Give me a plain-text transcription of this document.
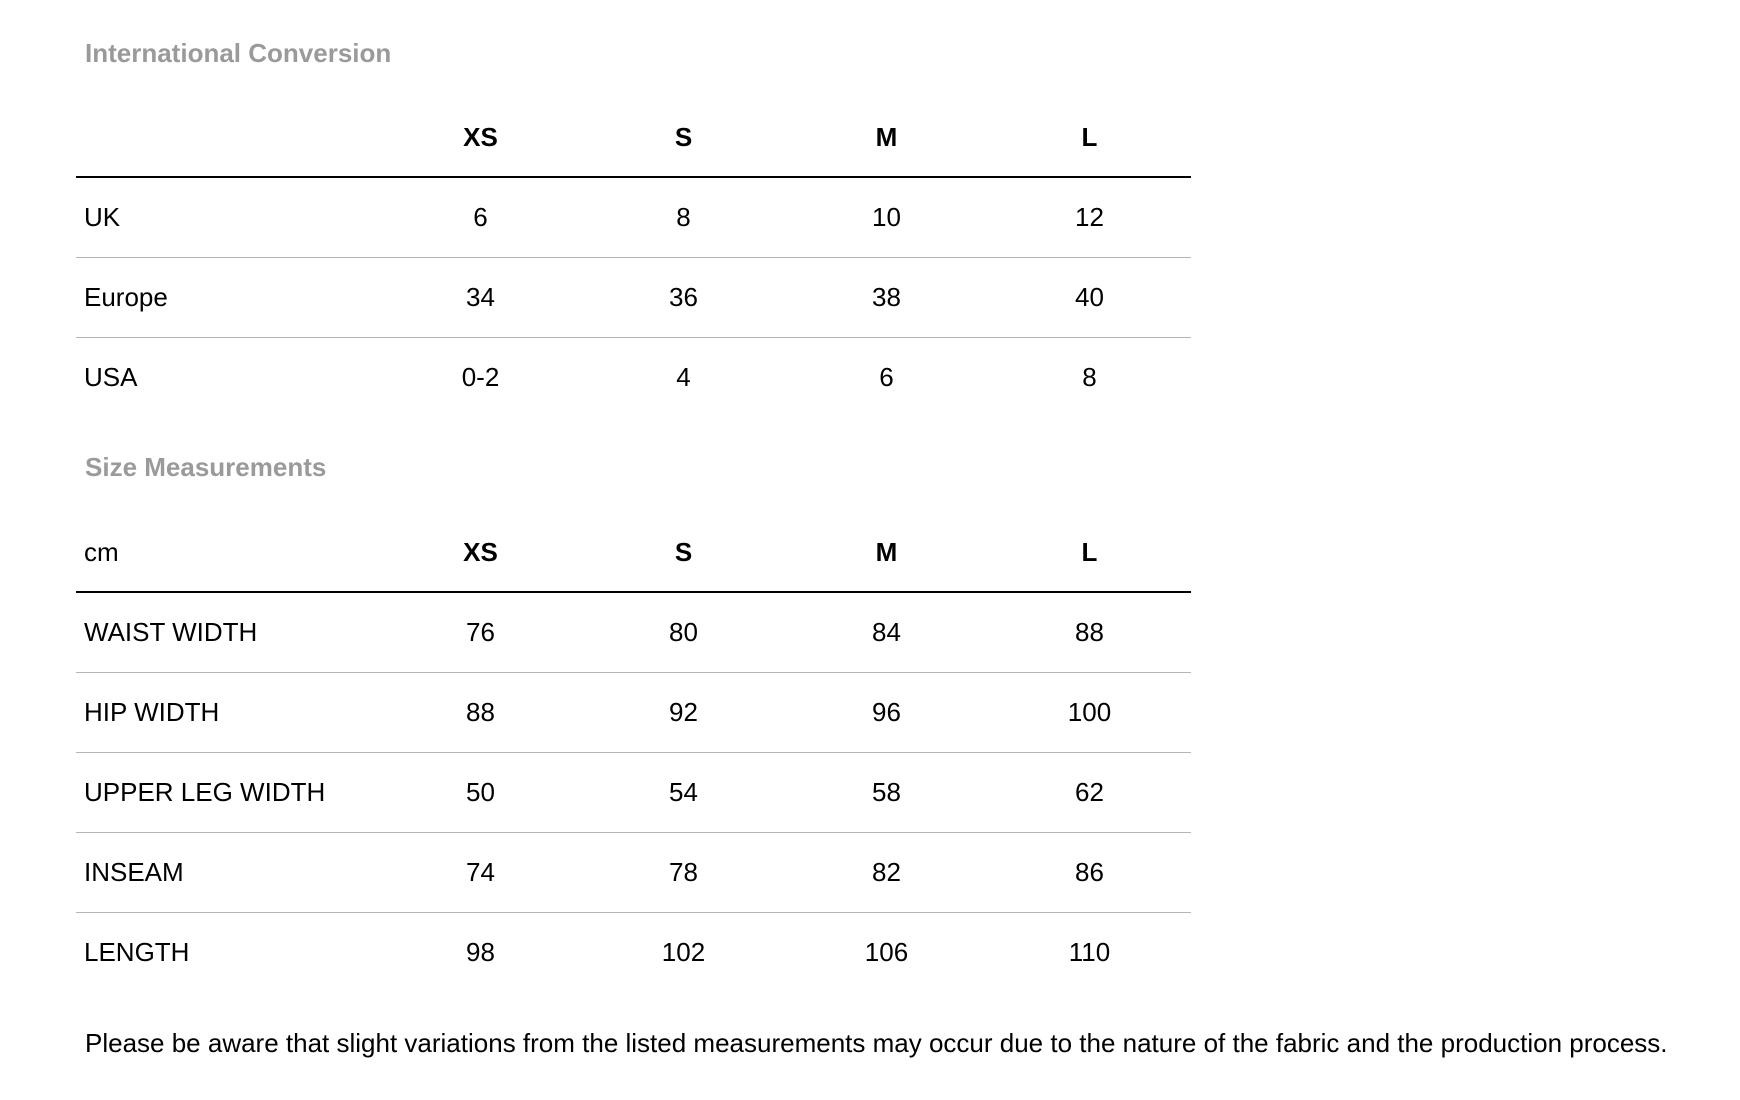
International Conversion
	XS	S	M	L
UK	6	8	10	12
Europe	34	36	38	40
USA	0-2	4	6	8
Size Measurements
cm	XS	S	M	L
WAIST WIDTH	76	80	84	88
HIP WIDTH	88	92	96	100
UPPER LEG WIDTH	50	54	58	62
INSEAM	74	78	82	86
LENGTH	98	102	106	110

Please be aware that slight variations from the listed measurements may occur due to the nature of the fabric and the production process.
